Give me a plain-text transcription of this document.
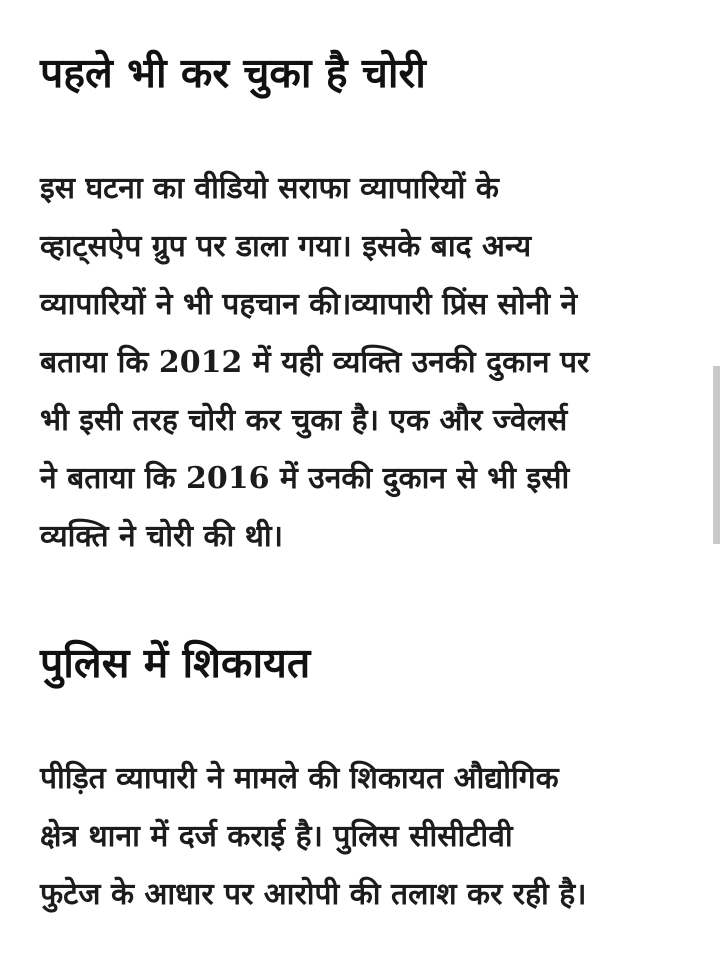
पहले भी कर चुका है चोरी

इस घटना का वीडियो सराफा व्यापारियों के
व्हाट्सऐप ग्रुप पर डाला गया। इसके बाद अन्य
व्यापारियों ने भी पहचान की।व्यापारी प्रिंस सोनी ने
बताया कि 2012 में यही व्यक्ति उनकी दुकान पर
भी इसी तरह चोरी कर चुका है। एक और ज्वेलर्स
ने बताया कि 2016 में उनकी दुकान से भी इसी
व्यक्ति ने चोरी की थी।

पुलिस में शिकायत

पीड़ित व्यापारी ने मामले की शिकायत औद्योगिक
क्षेत्र थाना में दर्ज कराई है। पुलिस सीसीटीवी
फुटेज के आधार पर आरोपी की तलाश कर रही है।
